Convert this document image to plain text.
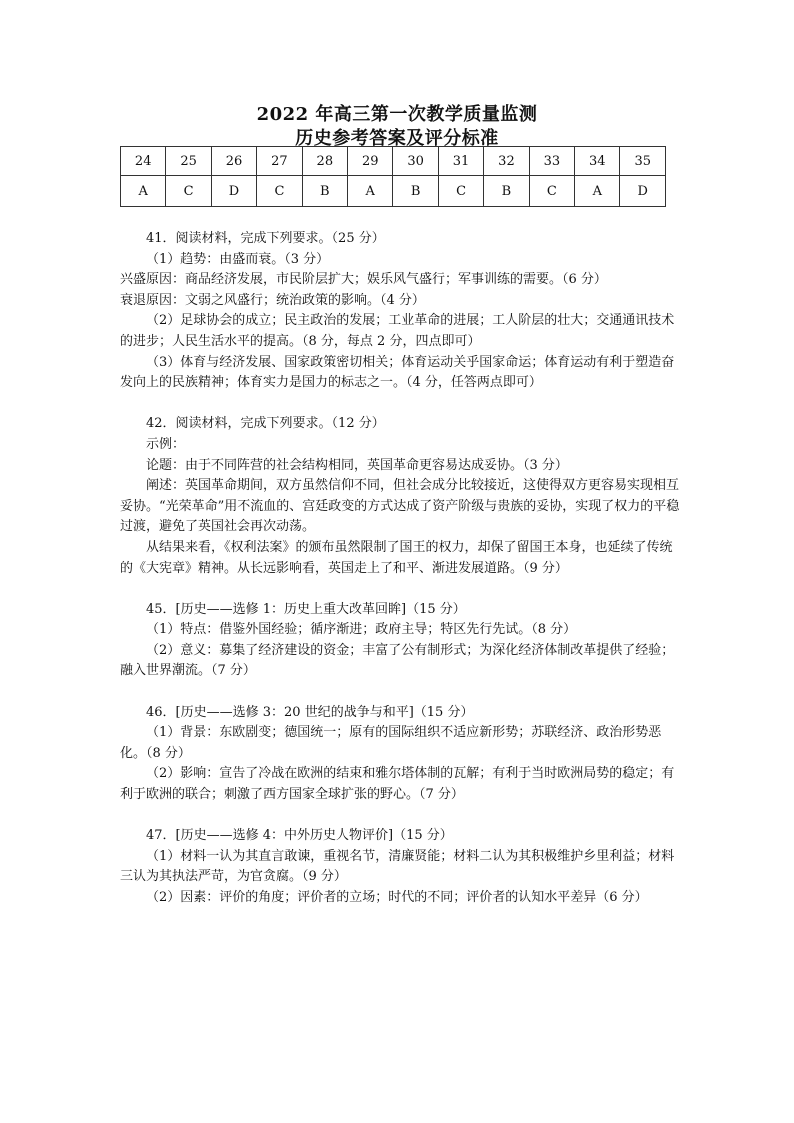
2022 年高三第一次教学质量监测
历史参考答案及评分标准
24	25	26	27	28	29	30	31	32	33	34	35
A	C	D	C	B	A	B	C	B	C	A	D

41．阅读材料，完成下列要求。（25 分）

（1）趋势：由盛而衰。（3 分）

兴盛原因：商品经济发展，市民阶层扩大；娱乐风气盛行；军事训练的需要。（6 分）

衰退原因：文弱之风盛行；统治政策的影响。（4 分）

（2）足球协会的成立；民主政治的发展；工业革命的进展；工人阶层的壮大；交通通讯技术的进步；人民生活水平的提高。（8 分，每点 2 分，四点即可）

（3）体育与经济发展、国家政策密切相关；体育运动关乎国家命运；体育运动有利于塑造奋发向上的民族精神；体育实力是国力的标志之一。（4 分，任答两点即可）

42．阅读材料，完成下列要求。（12 分）

示例：

论题：由于不同阵营的社会结构相同，英国革命更容易达成妥协。（3 分）

阐述：英国革命期间，双方虽然信仰不同，但社会成分比较接近，这使得双方更容易实现相互妥协。“光荣革命”用不流血的、宫廷政变的方式达成了资产阶级与贵族的妥协，实现了权力的平稳过渡，避免了英国社会再次动荡。

从结果来看，《权利法案》的颁布虽然限制了国王的权力，却保了留国王本身，也延续了传统的《大宪章》精神。从长远影响看，英国走上了和平、渐进发展道路。（9 分）

45．[历史——选修 1：历史上重大改革回眸]（15 分）

（1）特点：借鉴外国经验；循序渐进；政府主导；特区先行先试。（8 分）

（2）意义：募集了经济建设的资金；丰富了公有制形式；为深化经济体制改革提供了经验；融入世界潮流。（7 分）

46．[历史——选修 3：20 世纪的战争与和平]（15 分）

（1）背景：东欧剧变；德国统一；原有的国际组织不适应新形势；苏联经济、政治形势恶化。（8 分）

（2）影响：宣告了冷战在欧洲的结束和雅尔塔体制的瓦解；有利于当时欧洲局势的稳定；有利于欧洲的联合；刺激了西方国家全球扩张的野心。（7 分）

47．[历史——选修 4：中外历史人物评价]（15 分）

（1）材料一认为其直言敢谏，重视名节，清廉贤能；材料二认为其积极维护乡里利益；材料三认为其执法严苛，为官贪腐。（9 分）

（2）因素：评价的角度；评价者的立场；时代的不同；评价者的认知水平差异（6 分）
